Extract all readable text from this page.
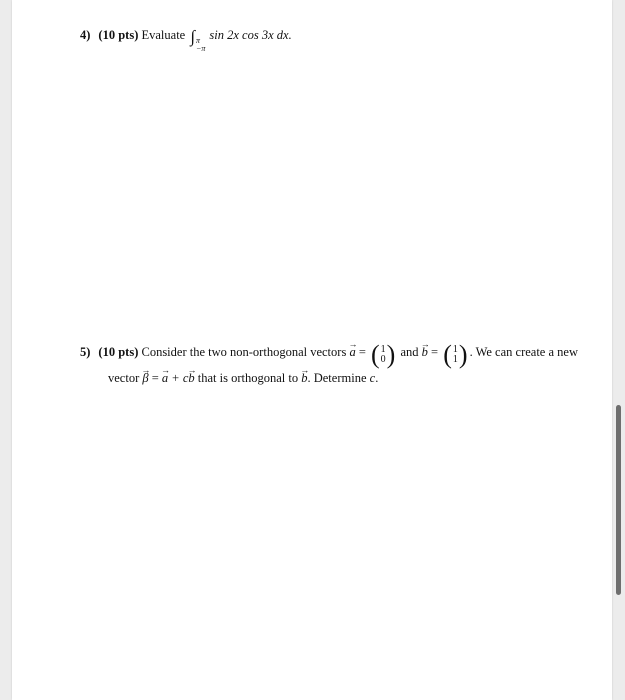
4) (10 pts) Evaluate ∫ π
−π
sin 2x cos 3x dx.
5) (10 pts) Consider the two non-orthogonal vectors → a = ( 1
0 ) and → b = ( 1
1 ) . We can create a new
vector → β = → a + c→ b that is orthogonal to → b. Determine c.
